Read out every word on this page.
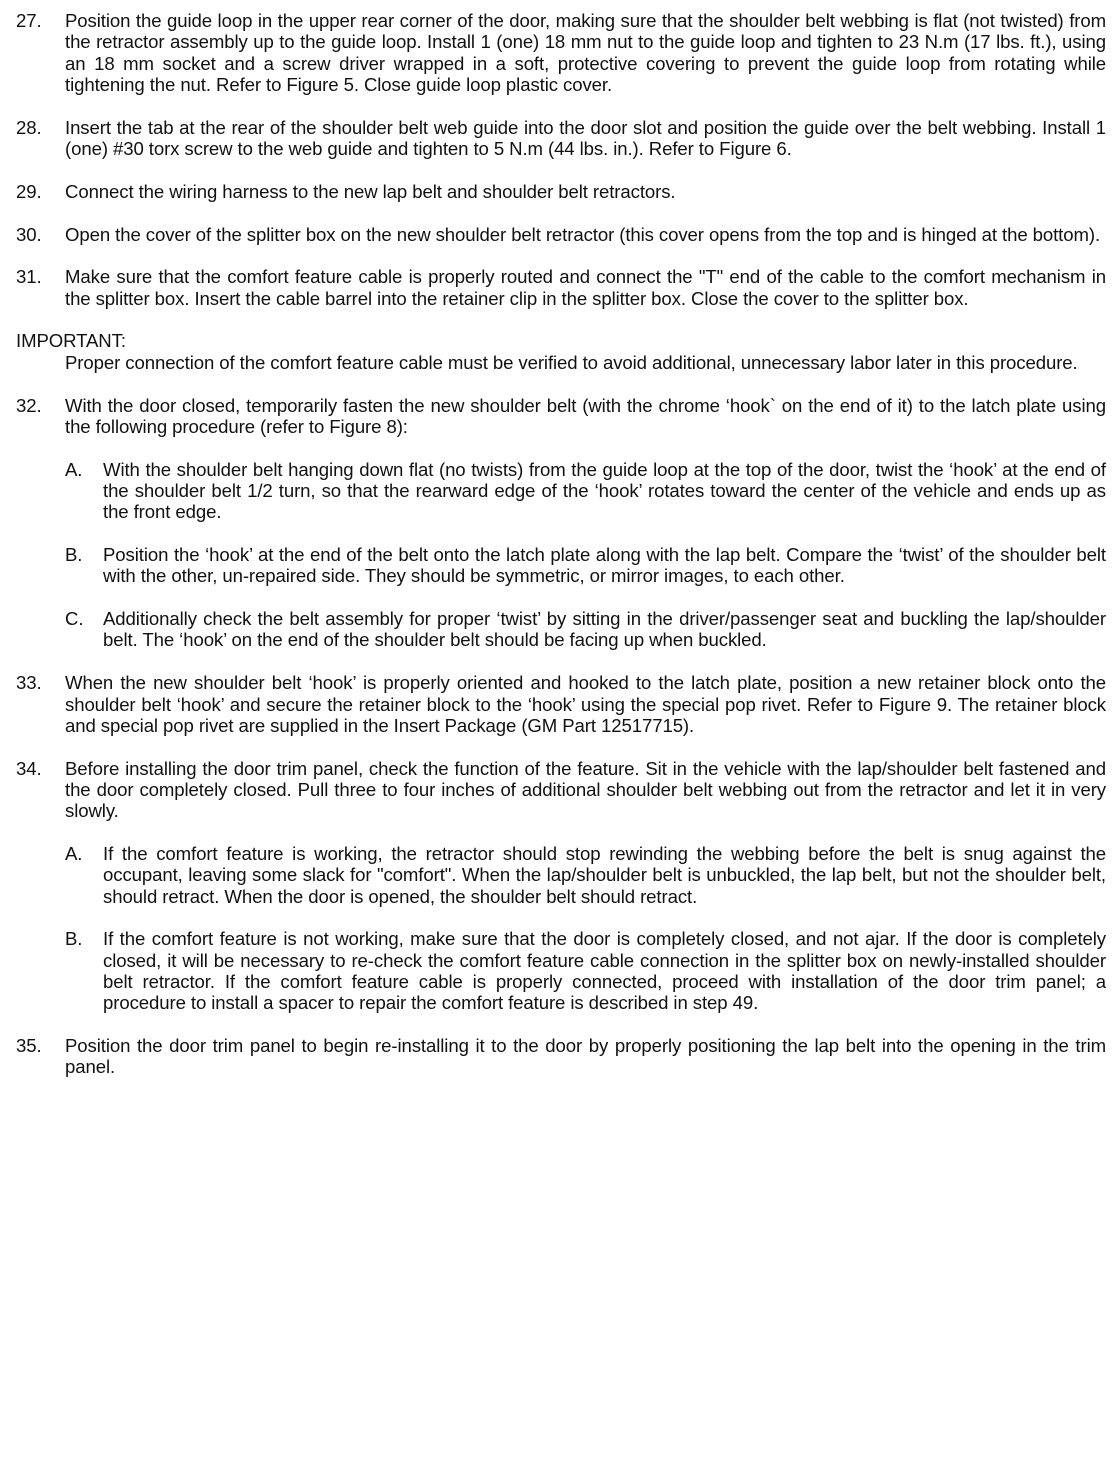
27.	Position the guide loop in the upper rear corner of the door, making sure that the shoulder belt webbing is flat (not twisted) from the retractor assembly up to the guide loop. Install 1 (one) 18 mm nut to the guide loop and tighten to 23 N.m (17 lbs. ft.), using an 18 mm socket and a screw driver wrapped in a soft, protective covering to prevent the guide loop from rotating while tightening the nut. Refer to Figure 5. Close guide loop plastic cover.
28.	Insert the tab at the rear of the shoulder belt web guide into the door slot and position the guide over the belt webbing. Install 1 (one) #30 torx screw to the web guide and tighten to 5 N.m (44 lbs. in.). Refer to Figure 6.
29.	Connect the wiring harness to the new lap belt and shoulder belt retractors.
30.	Open the cover of the splitter box on the new shoulder belt retractor (this cover opens from the top and is hinged at the bottom).
31.	Make sure that the comfort feature cable is properly routed and connect the "T" end of the cable to the comfort mechanism in the splitter box. Insert the cable barrel into the retainer clip in the splitter box. Close the cover to the splitter box.
IMPORTANT:
Proper connection of the comfort feature cable must be verified to avoid additional, unnecessary labor later in this procedure.
32.	With the door closed, temporarily fasten the new shoulder belt (with the chrome ‘hook` on the end of it) to the latch plate using the following procedure (refer to Figure 8):
A.	With the shoulder belt hanging down flat (no twists) from the guide loop at the top of the door, twist the ‘hook’ at the end of the shoulder belt 1/2 turn, so that the rearward edge of the ‘hook’ rotates toward the center of the vehicle and ends up as the front edge.
B.	Position the ‘hook’ at the end of the belt onto the latch plate along with the lap belt. Compare the ‘twist’ of the shoulder belt with the other, un-repaired side. They should be symmetric, or mirror images, to each other.
C.	Additionally check the belt assembly for proper ‘twist’ by sitting in the driver/passenger seat and buckling the lap/shoulder belt. The ‘hook’ on the end of the shoulder belt should be facing up when buckled.
33.	When the new shoulder belt ‘hook’ is properly oriented and hooked to the latch plate, position a new retainer block onto the shoulder belt ‘hook’ and secure the retainer block to the ‘hook’ using the special pop rivet. Refer to Figure 9. The retainer block and special pop rivet are supplied in the Insert Package (GM Part 12517715).
34.	Before installing the door trim panel, check the function of the feature. Sit in the vehicle with the lap/shoulder belt fastened and the door completely closed. Pull three to four inches of additional shoulder belt webbing out from the retractor and let it in very slowly.
A.	If the comfort feature is working, the retractor should stop rewinding the webbing before the belt is snug against the occupant, leaving some slack for "comfort". When the lap/shoulder belt is unbuckled, the lap belt, but not the shoulder belt, should retract. When the door is opened, the shoulder belt should retract.
B.	If the comfort feature is not working, make sure that the door is completely closed, and not ajar. If the door is completely closed, it will be necessary to re-check the comfort feature cable connection in the splitter box on newly-installed shoulder belt retractor. If the comfort feature cable is properly connected, proceed with installation of the door trim panel; a procedure to install a spacer to repair the comfort feature is described in step 49.
35.	Position the door trim panel to begin re-installing it to the door by properly positioning the lap belt into the opening in the trim panel.
